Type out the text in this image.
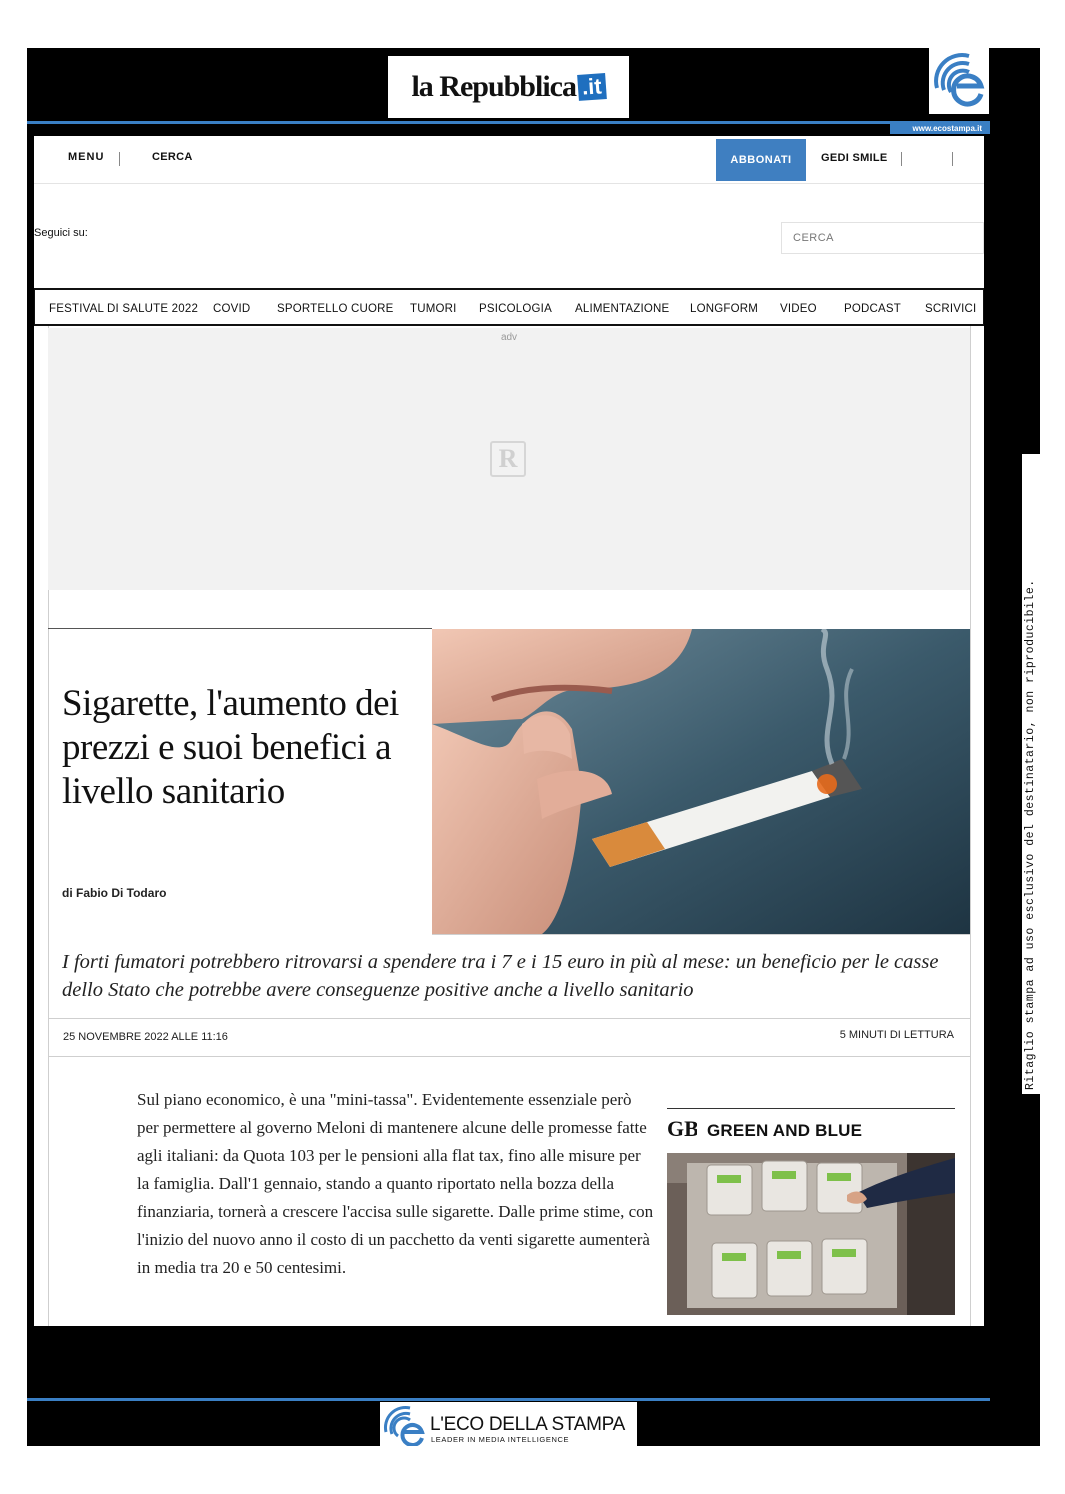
la Repubblica .it
www.ecostampa.it
MENU	CERCA	ABBONATI	GEDI SMILE
Seguici su:	CERCA
FESTIVAL DI SALUTE 2022 COVID SPORTELLO CUORE TUMORI PSICOLOGIA ALIMENTAZIONE LONGFORM VIDEO PODCAST SCRIVICI
adv
R
Sigarette, l'aumento dei prezzi e suoi benefici a livello sanitario
di Fabio Di Todaro
I forti fumatori potrebbero ritrovarsi a spendere tra i 7 e i 15 euro in più al mese: un beneficio per le casse dello Stato che potrebbe avere conseguenze positive anche a livello sanitario
25 NOVEMBRE 2022 ALLE 11:16	5 MINUTI DI LETTURA
Sul piano economico, è una "mini-tassa". Evidentemente essenziale però per permettere al governo Meloni di mantenere alcune delle promesse fatte agli italiani: da Quota 103 per le pensioni alla flat tax, fino alle misure per la famiglia. Dall'1 gennaio, stando a quanto riportato nella bozza della finanziaria, tornerà a crescere l'accisa sulle sigarette. Dalle prime stime, con l'inizio del nuovo anno il costo di un pacchetto da venti sigarette aumenterà in media tra 20 e 50 centesimi.
GB GREEN AND BLUE
L'ECO DELLA STAMPA
LEADER IN MEDIA INTELLIGENCE
Ritaglio stampa ad uso esclusivo del destinatario, non riproducibile.
